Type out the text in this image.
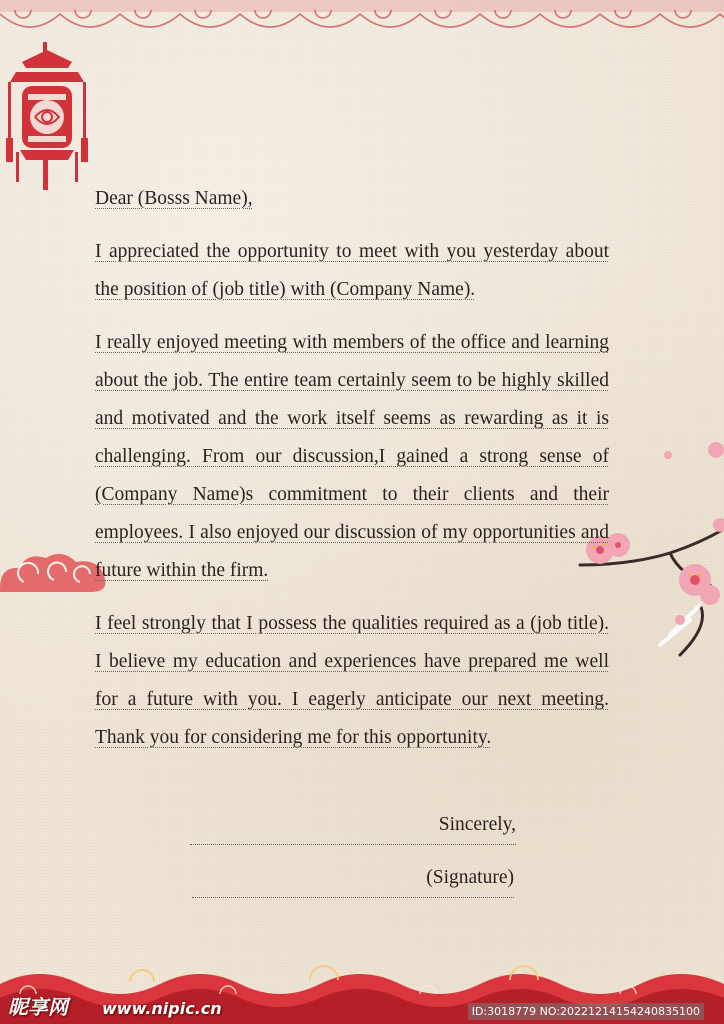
Dear (Bosss Name),

I appreciated the opportunity to meet with you yesterday about the position of (job title) with (Company Name).

I really enjoyed meeting with members of the office and learning about the job. The entire team certainly seem to be highly skilled and motivated and the work itself seems as rewarding as it is challenging. From our discussion,I gained a strong sense of (Company Name)s commitment to their clients and their employees. I also enjoyed our discussion of my opportunities and future within the firm.

I feel strongly that I possess the qualities required as a (job title). I believe my education and experiences have prepared me well for a future with you. I eagerly anticipate our next meeting. Thank you for considering me for this opportunity.

Sincerely,
(Signature)
昵享网 www.nipic.cn	ID:3018779 NO:20221214154240835100
